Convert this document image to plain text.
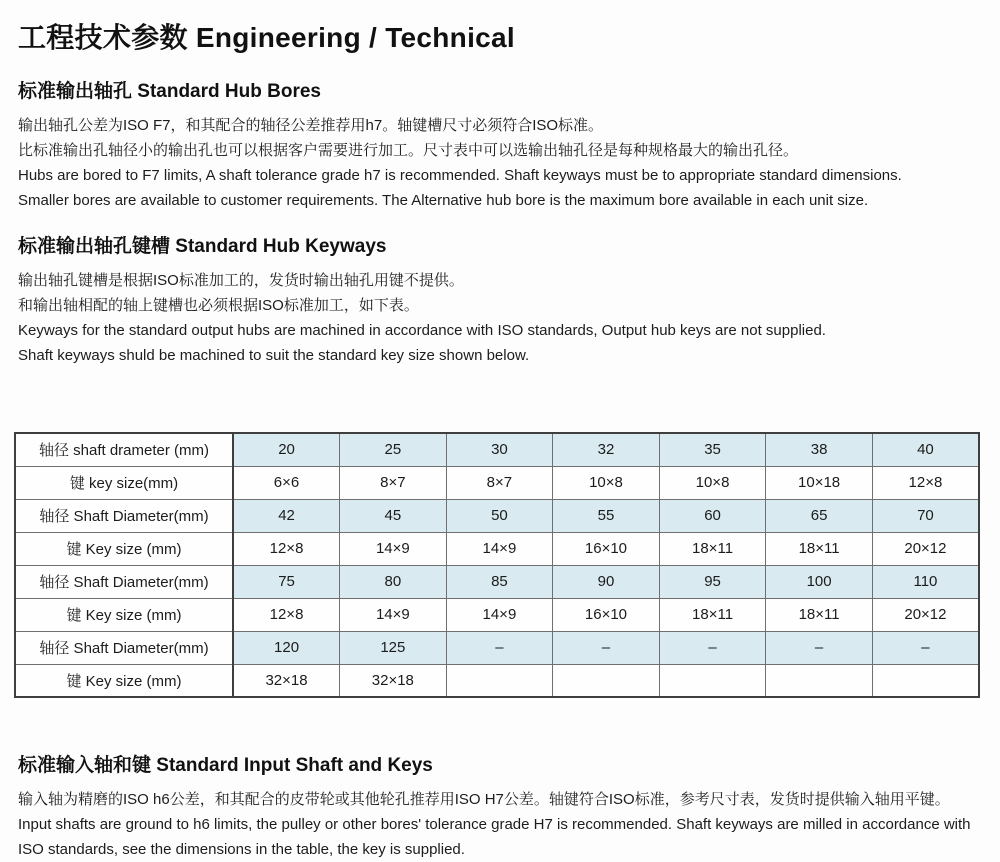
工程技术参数 Engineering / Technical
标准输出轴孔 Standard Hub Bores

输出轴孔公差为ISO F7，和其配合的轴径公差推荐用h7。轴键槽尺寸必须符合ISO标准。

比标准输出孔轴径小的输出孔也可以根据客户需要进行加工。尺寸表中可以选输出轴孔径是每种规格最大的输出孔径。

Hubs are bored to F7 limits, A shaft tolerance grade h7 is recommended. Shaft keyways must be to appropriate standard dimensions.

Smaller bores are available to customer requirements. The Alternative hub bore is the maximum bore available in each unit size.

标准输出轴孔键槽 Standard Hub Keyways

输出轴孔键槽是根据ISO标准加工的，发货时输出轴孔用键不提供。

和输出轴相配的轴上键槽也必须根据ISO标准加工，如下表。

Keyways for the standard output hubs are machined in accordance with ISO standards, Output hub keys are not supplied.

Shaft keyways shuld be machined to suit the standard key size shown below.

轴径 shaft drameter (mm)	20	25	30	32	35	38	40
键 key size(mm)	6×6	8×7	8×7	10×8	10×8	10×18	12×8
轴径 Shaft Diameter(mm)	42	45	50	55	60	65	70
键 Key size (mm)	12×8	14×9	14×9	16×10	18×11	18×11	20×12
轴径 Shaft Diameter(mm)	75	80	85	90	95	100	110
键 Key size (mm)	12×8	14×9	14×9	16×10	18×11	18×11	20×12
轴径 Shaft Diameter(mm)	120	125	–	–	–	–	–
键 Key size (mm)	32×18	32×18					
标准输入轴和键 Standard Input Shaft and Keys

输入轴为精磨的ISO h6公差，和其配合的皮带轮或其他轮孔推荐用ISO H7公差。轴键符合ISO标准，参考尺寸表，发货时提供输入轴用平键。

Input shafts are ground to h6 limits, the pulley or other bores' tolerance grade H7 is recommended. Shaft keyways are milled in accordance with ISO standards, see the dimensions in the table, the key is supplied.
